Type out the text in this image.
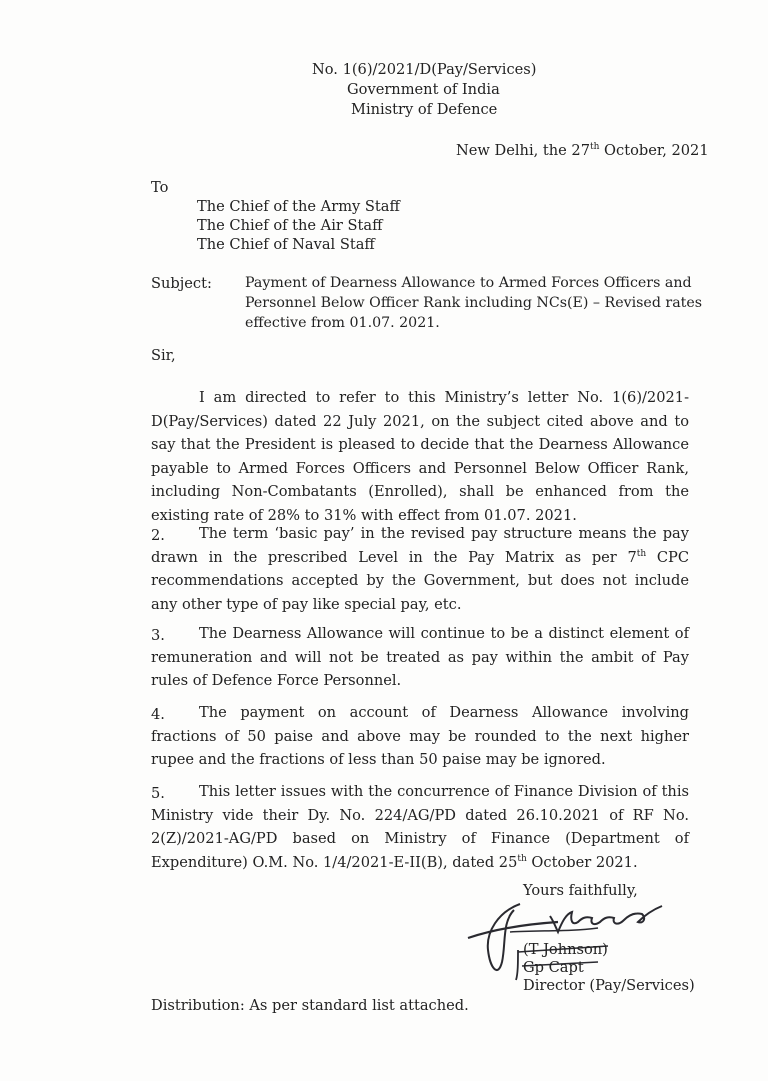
No. 1(6)/2021/D(Pay/Services)
Government of India
Ministry of Defence
New Delhi, the 27th October, 2021
To
The Chief of the Army Staff
The Chief of the Air Staff
The Chief of Naval Staff
Subject: Payment of Dearness Allowance to Armed Forces Officers and
Personnel Below Officer Rank including NCs(E) – Revised rates
effective from 01.07. 2021.
Sir,
I am directed to refer to this Ministry’s letter No. 1(6)/2021-D(Pay/Services) dated 22 July 2021, on the subject cited above and to say that the President is pleased to decide that the Dearness Allowance payable to Armed Forces Officers and Personnel Below Officer Rank, including Non-Combatants (Enrolled), shall be enhanced from the existing rate of 28% to 31% with effect from 01.07. 2021.
2.	The term ‘basic pay’ in the revised pay structure means the pay drawn in the prescribed Level in the Pay Matrix as per 7th CPC recommendations accepted by the Government, but does not include any other type of pay like special pay, etc.
3.	The Dearness Allowance will continue to be a distinct element of remuneration and will not be treated as pay within the ambit of Pay rules of Defence Force Personnel.
4.	The payment on account of Dearness Allowance involving fractions of 50 paise and above may be rounded to the next higher rupee and the fractions of less than 50 paise may be ignored.
5.	This letter issues with the concurrence of Finance Division of this Ministry vide their Dy. No. 224/AG/PD dated 26.10.2021 of RF No. 2(Z)/2021-AG/PD based on Ministry of Finance (Department of Expenditure) O.M. No. 1/4/2021-E-II(B), dated 25th October 2021.
Yours faithfully,
(T Johnson)
Gp Capt
Director (Pay/Services)
Distribution: As per standard list attached.
